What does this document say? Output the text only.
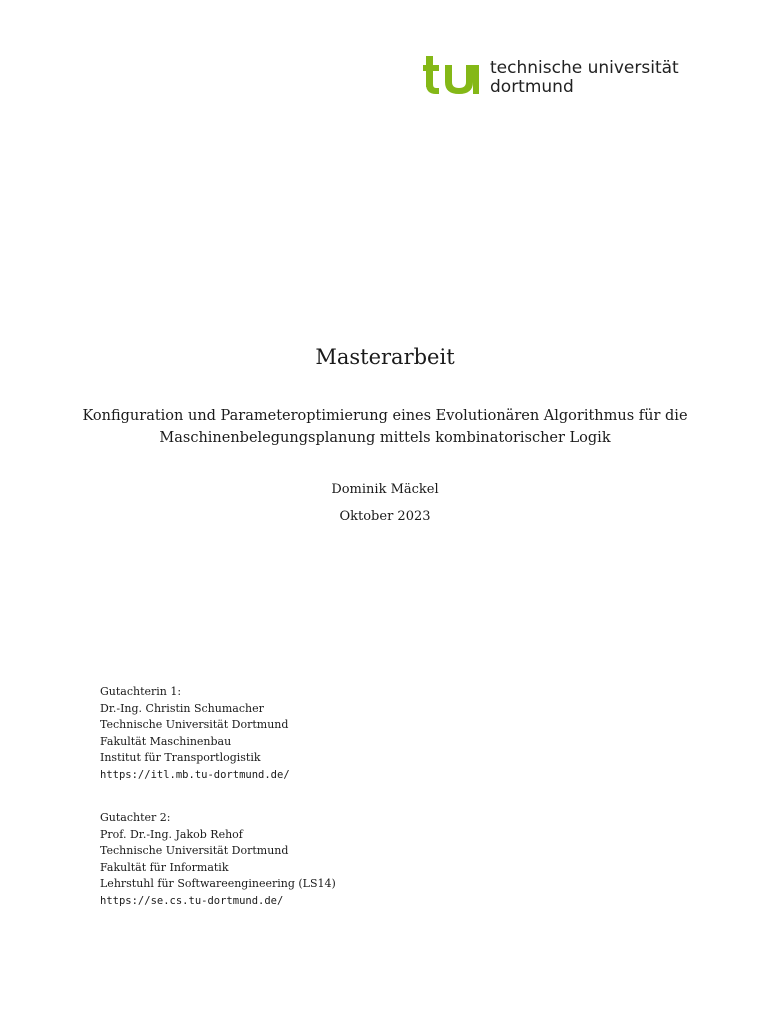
technische universität
dortmund
Masterarbeit
Konfiguration und Parameteroptimierung eines Evolutionären Algorithmus für die
Maschinenbelegungsplanung mittels kombinatorischer Logik
Dominik Mäckel
Oktober 2023
Gutachterin 1:
Dr.-Ing. Christin Schumacher
Technische Universität Dortmund
Fakultät Maschinenbau
Institut für Transportlogistik
https://itl.mb.tu-dortmund.de/
Gutachter 2:
Prof. Dr.-Ing. Jakob Rehof
Technische Universität Dortmund
Fakultät für Informatik
Lehrstuhl für Softwareengineering (LS14)
https://se.cs.tu-dortmund.de/
